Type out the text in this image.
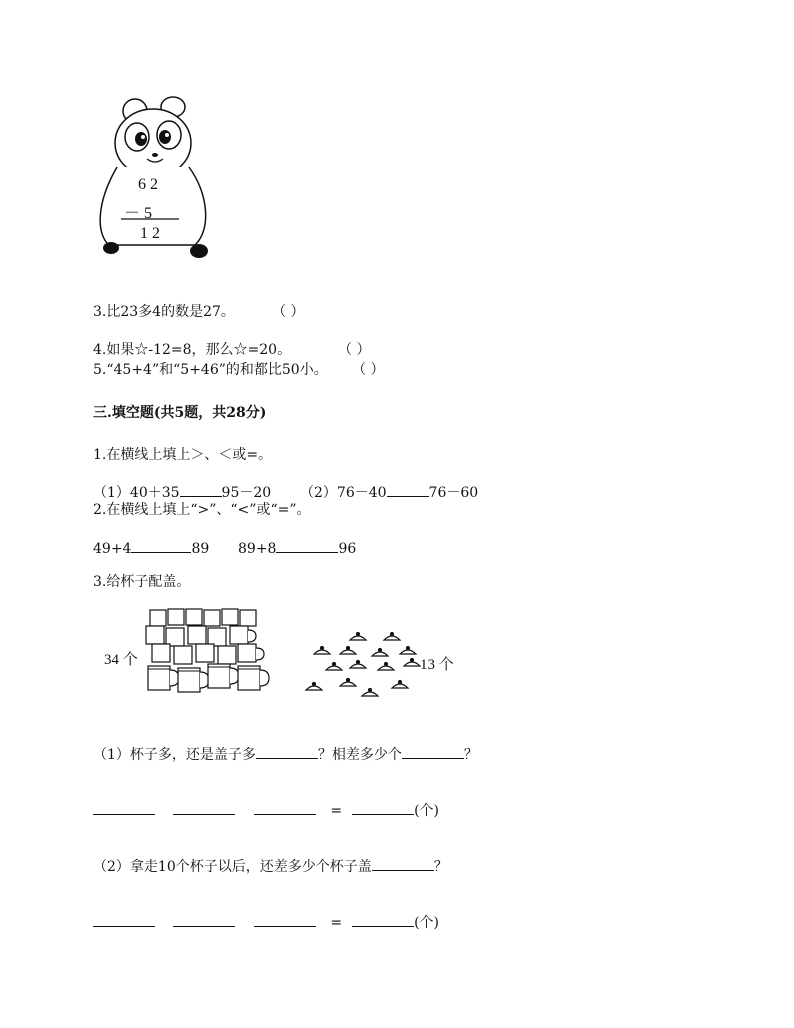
6 2
－ 5
1 2
3.比23多4的数是27。	（ ）
4.如果☆-12=8，那么☆=20。	（ ）
5.“45+4”和“5+46”的和都比50小。 （ ）
三.填空题(共5题，共28分)
1.在横线上填上＞、＜或=。
（1）40＋35	95－20 （2）76－40	76－60
2.在横线上填上“>”、“<”或“=”。
49+4	89 89+8	96
3.给杯子配盖。
34 个	13 个
（1）杯子多，还是盖子多	？相差多少个	？
=	(个)
（2）拿走10个杯子以后，还差多少个杯子盖	？
=	(个)
